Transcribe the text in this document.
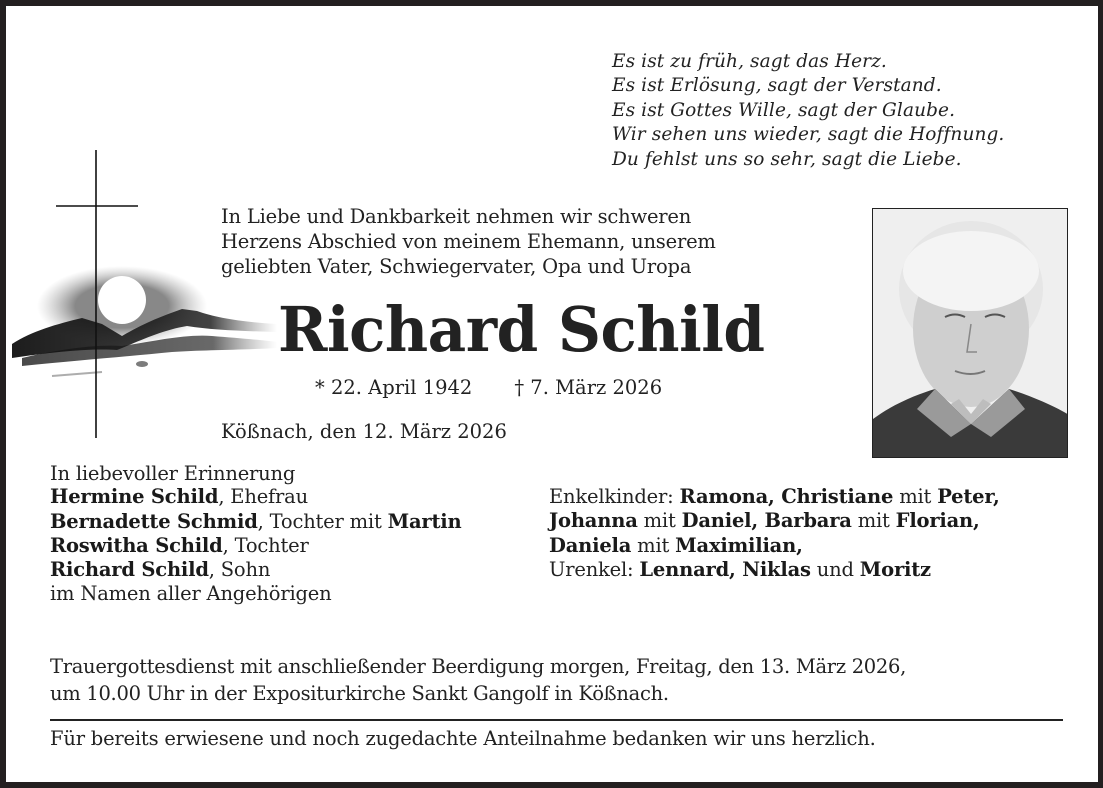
Es ist zu früh, sagt das Herz.
Es ist Erlösung, sagt der Verstand.
Es ist Gottes Wille, sagt der Glaube.
Wir sehen uns wieder, sagt die Hoffnung.
Du fehlst uns so sehr, sagt die Liebe.
In Liebe und Dankbarkeit nehmen wir schweren
Herzens Abschied von meinem Ehemann, unserem
geliebten Vater, Schwiegervater, Opa und Uropa
Richard Schild
* 22. April 1942 † 7. März 2026
Kößnach, den 12. März 2026
In liebevoller Erinnerung
Hermine Schild, Ehefrau
Bernadette Schmid, Tochter mit Martin
Roswitha Schild, Tochter
Richard Schild, Sohn
im Namen aller Angehörigen
Enkelkinder: Ramona, Christiane mit Peter,
Johanna mit Daniel, Barbara mit Florian,
Daniela mit Maximilian,
Urenkel: Lennard, Niklas und Moritz
Trauergottesdienst mit anschließender Beerdigung morgen, Freitag, den 13. März 2026,
um 10.00 Uhr in der Expositurkirche Sankt Gangolf in Kößnach.
Für bereits erwiesene und noch zugedachte Anteilnahme bedanken wir uns herzlich.
